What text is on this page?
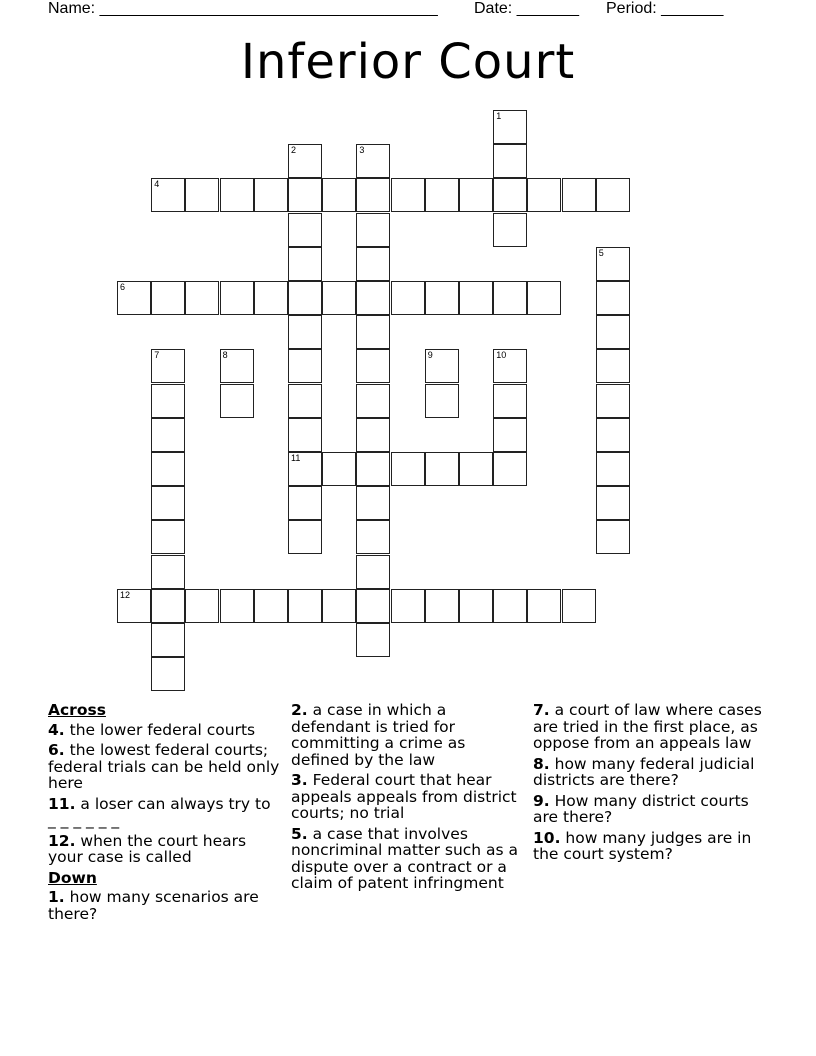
Name: ______________________________________ Date: _______ Period: _______
Inferior Court
1
2
11
3
4
5
6
7	8	9	10
12
Across
4. the lower federal courts
6. the lowest federal courts; federal trials can be held only here
11. a loser can always try to _ _ _ _ _ _
12. when the court hears your case is called
Down
1. how many scenarios are there?
2. a case in which a defendant is tried for committing a crime as defined by the law
3. Federal court that hear appeals appeals from district courts; no trial
5. a case that involves noncriminal matter such as a dispute over a contract or a claim of patent infringment
7. a court of law where cases are tried in the first place, as oppose from an appeals law
8. how many federal judicial districts are there?
9. How many district courts are there?
10. how many judges are in the court system?
